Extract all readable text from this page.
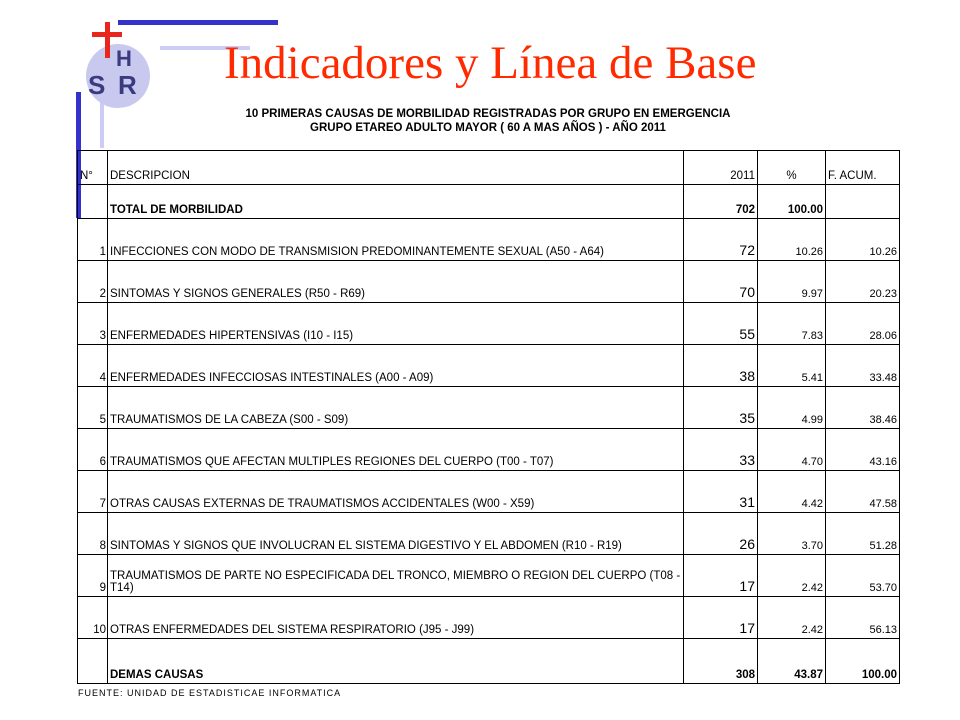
H
S R Indicadores y Línea de Base
10 PRIMERAS CAUSAS DE MORBILIDAD REGISTRADAS POR GRUPO EN EMERGENCIA
GRUPO ETAREO ADULTO MAYOR ( 60 A MAS AÑOS ) - AÑO 2011
N°	DESCRIPCION	2011	%	F. ACUM.
	TOTAL DE MORBILIDAD	702	100.00	
1	INFECCIONES CON MODO DE TRANSMISION PREDOMINANTEMENTE SEXUAL (A50 - A64)	72	10.26	10.26
2	SINTOMAS Y SIGNOS GENERALES (R50 - R69)	70	9.97	20.23
3	ENFERMEDADES HIPERTENSIVAS (I10 - I15)	55	7.83	28.06
4	ENFERMEDADES INFECCIOSAS INTESTINALES (A00 - A09)	38	5.41	33.48
5	TRAUMATISMOS DE LA CABEZA (S00 - S09)	35	4.99	38.46
6	TRAUMATISMOS QUE AFECTAN MULTIPLES REGIONES DEL CUERPO (T00 - T07)	33	4.70	43.16
7	OTRAS CAUSAS EXTERNAS DE TRAUMATISMOS ACCIDENTALES (W00 - X59)	31	4.42	47.58
8	SINTOMAS Y SIGNOS QUE INVOLUCRAN EL SISTEMA DIGESTIVO Y EL ABDOMEN (R10 - R19)	26	3.70	51.28
9	TRAUMATISMOS DE PARTE NO ESPECIFICADA DEL TRONCO, MIEMBRO O REGION DEL CUERPO (T08 - T14)	17	2.42	53.70
10	OTRAS ENFERMEDADES DEL SISTEMA RESPIRATORIO (J95 - J99)	17	2.42	56.13
	DEMAS CAUSAS	308	43.87	100.00
FUENTE: UNIDAD DE ESTADISTICAE INFORMATICA
